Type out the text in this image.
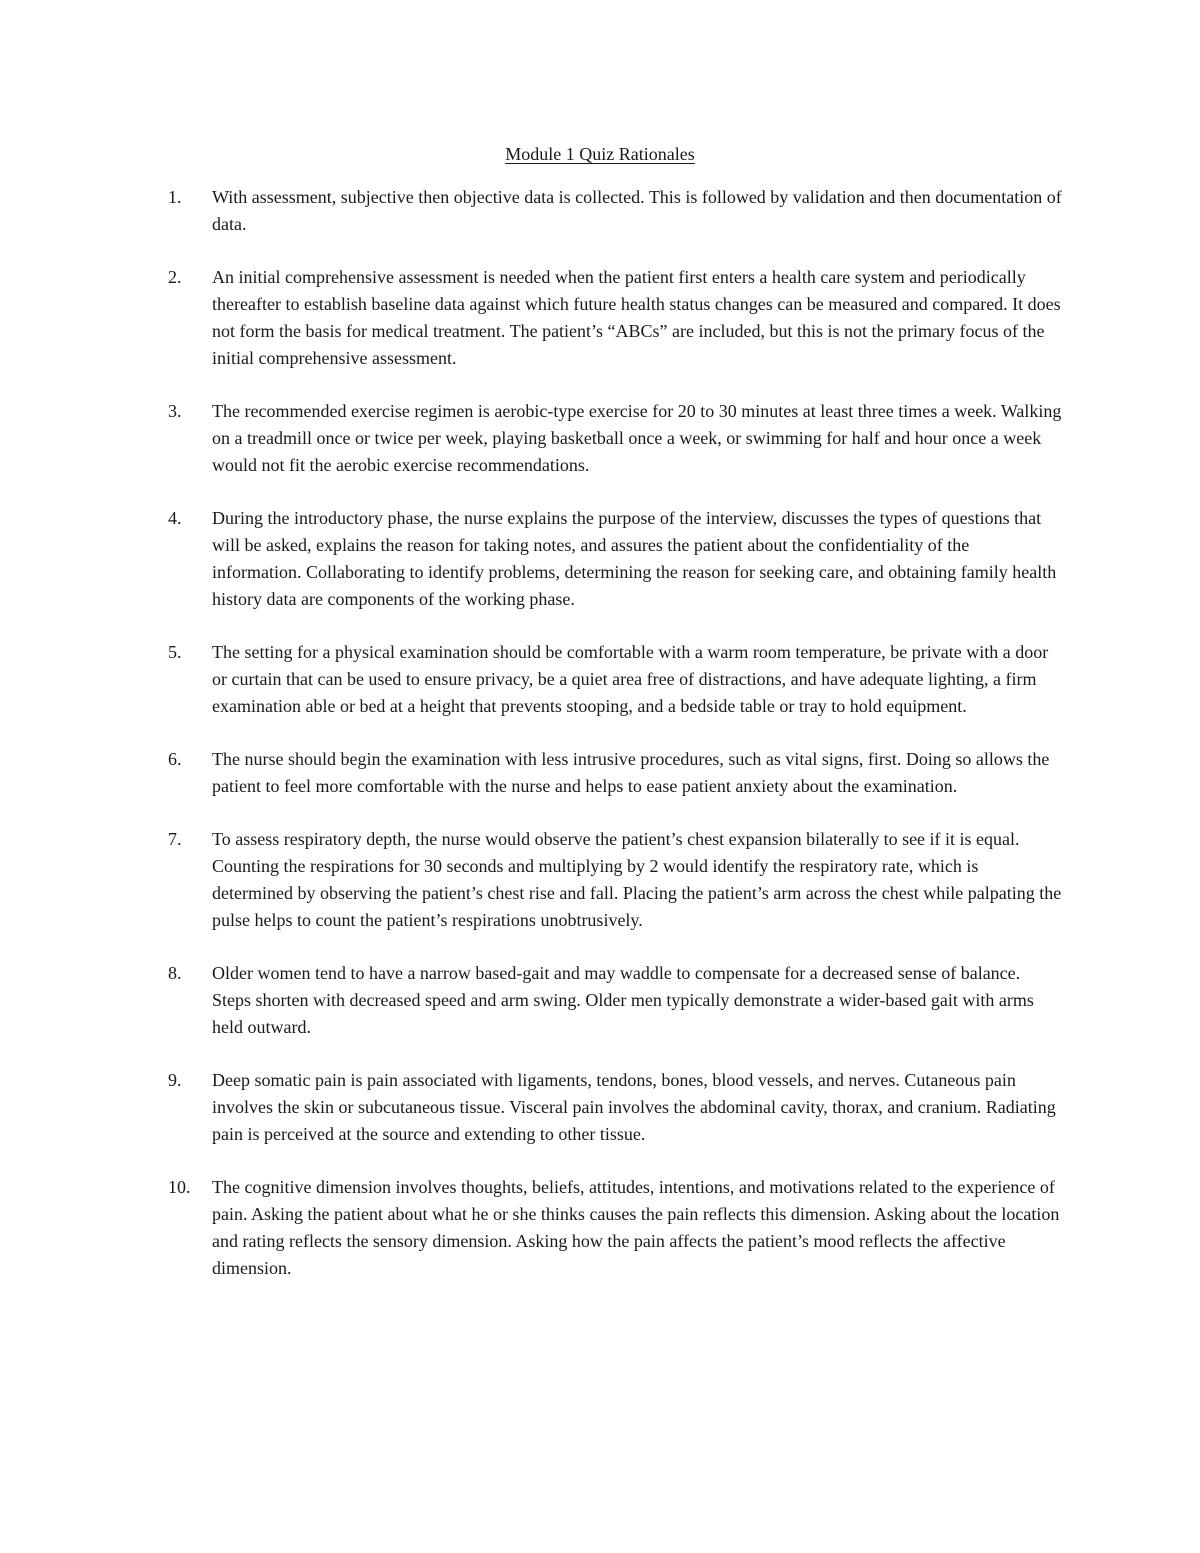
Module 1 Quiz Rationales
1.	With assessment, subjective then objective data is collected. This is followed by validation and then documentation of data.
2.	An initial comprehensive assessment is needed when the patient first enters a health care system and periodically thereafter to establish baseline data against which future health status changes can be measured and compared. It does not form the basis for medical treatment. The patient’s “ABCs” are included, but this is not the primary focus of the initial comprehensive assessment.
3.	The recommended exercise regimen is aerobic-type exercise for 20 to 30 minutes at least three times a week. Walking on a treadmill once or twice per week, playing basketball once a week, or swimming for half and hour once a week would not fit the aerobic exercise recommendations.
4.	During the introductory phase, the nurse explains the purpose of the interview, discusses the types of questions that will be asked, explains the reason for taking notes, and assures the patient about the confidentiality of the information. Collaborating to identify problems, determining the reason for seeking care, and obtaining family health history data are components of the working phase.
5.	The setting for a physical examination should be comfortable with a warm room temperature, be private with a door or curtain that can be used to ensure privacy, be a quiet area free of distractions, and have adequate lighting, a firm examination able or bed at a height that prevents stooping, and a bedside table or tray to hold equipment.
6.	The nurse should begin the examination with less intrusive procedures, such as vital signs, first. Doing so allows the patient to feel more comfortable with the nurse and helps to ease patient anxiety about the examination.
7.	To assess respiratory depth, the nurse would observe the patient’s chest expansion bilaterally to see if it is equal. Counting the respirations for 30 seconds and multiplying by 2 would identify the respiratory rate, which is determined by observing the patient’s chest rise and fall. Placing the patient’s arm across the chest while palpating the pulse helps to count the patient’s respirations unobtrusively.
8.	Older women tend to have a narrow based-gait and may waddle to compensate for a decreased sense of balance. Steps shorten with decreased speed and arm swing. Older men typically demonstrate a wider-based gait with arms held outward.
9.	Deep somatic pain is pain associated with ligaments, tendons, bones, blood vessels, and nerves. Cutaneous pain involves the skin or subcutaneous tissue. Visceral pain involves the abdominal cavity, thorax, and cranium. Radiating pain is perceived at the source and extending to other tissue.
10.	The cognitive dimension involves thoughts, beliefs, attitudes, intentions, and motivations related to the experience of pain. Asking the patient about what he or she thinks causes the pain reflects this dimension. Asking about the location and rating reflects the sensory dimension. Asking how the pain affects the patient’s mood reflects the affective dimension.
